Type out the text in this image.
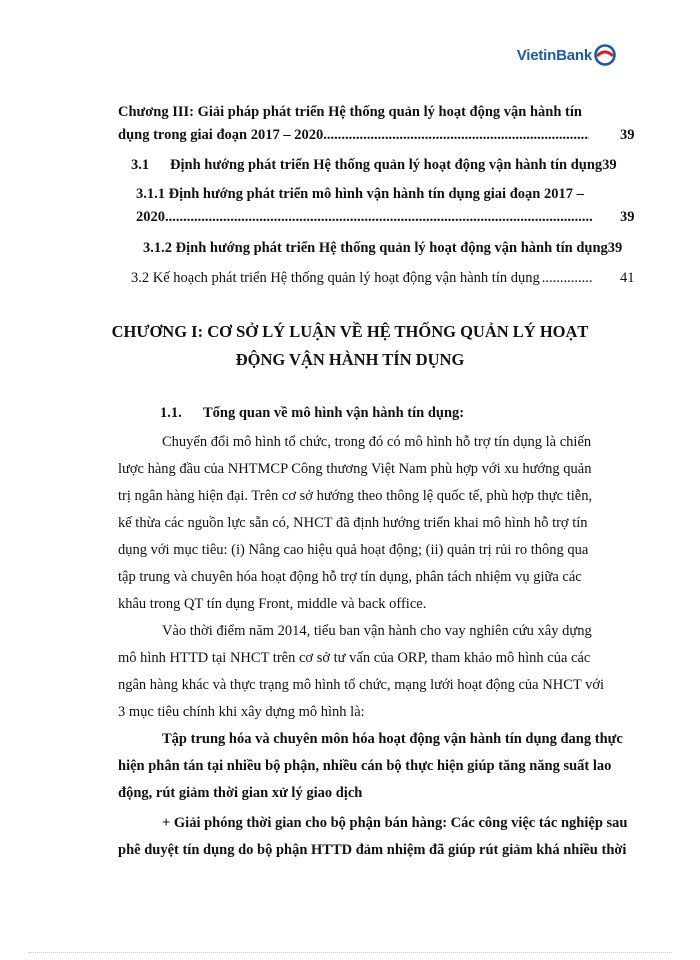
VietinBank
Chương III: Giải pháp phát triển Hệ thống quản lý hoạt động vận hành tín
dụng trong giai đoạn 2017 – 2020 .....	39
3.1 Định hướng phát triển Hệ thống quản lý hoạt động vận hành tín dụng39
3.1.1 Định hướng phát triển mô hình vận hành tín dụng giai đoạn 2017 –
2020 .....	39
3.1.2 Định hướng phát triển Hệ thống quản lý hoạt động vận hành tín dụng39
3.2 Kế hoạch phát triển Hệ thống quản lý hoạt động vận hành tín dụng .....	41
CHƯƠNG I: CƠ SỞ LÝ LUẬN VỀ HỆ THỐNG QUẢN LÝ HOẠT
ĐỘNG VẬN HÀNH TÍN DỤNG
1.1. Tổng quan về mô hình vận hành tín dụng:
Chuyển đổi mô hình tổ chức, trong đó có mô hình hỗ trợ tín dụng là chiến
lược hàng đầu của NHTMCP Công thương Việt Nam phù hợp với xu hướng quản
trị ngân hàng hiện đại. Trên cơ sở hướng theo thông lệ quốc tế, phù hợp thực tiễn,
kế thừa các nguồn lực sẵn có, NHCT đã định hướng triển khai mô hình hỗ trợ tín
dụng với mục tiêu: (i) Nâng cao hiệu quả hoạt động; (ii) quản trị rủi ro thông qua
tập trung và chuyên hóa hoạt động hỗ trợ tín dụng, phân tách nhiệm vụ giữa các
khâu trong QT tín dụng Front, middle và back office.
Vào thời điểm năm 2014, tiểu ban vận hành cho vay nghiên cứu xây dựng
mô hình HTTD tại NHCT trên cơ sở tư vấn của ORP, tham khảo mô hình của các
ngân hàng khác và thực trạng mô hình tổ chức, mạng lưới hoạt động của NHCT với
3 mục tiêu chính khi xây dựng mô hình là:
Tập trung hóa và chuyên môn hóa hoạt động vận hành tín dụng đang thực
hiện phân tán tại nhiều bộ phận, nhiều cán bộ thực hiện giúp tăng năng suất lao
động, rút giảm thời gian xử lý giao dịch
+ Giải phóng thời gian cho bộ phận bán hàng: Các công việc tác nghiệp sau
phê duyệt tín dụng do bộ phận HTTD đảm nhiệm đã giúp rút giảm khá nhiều thời
